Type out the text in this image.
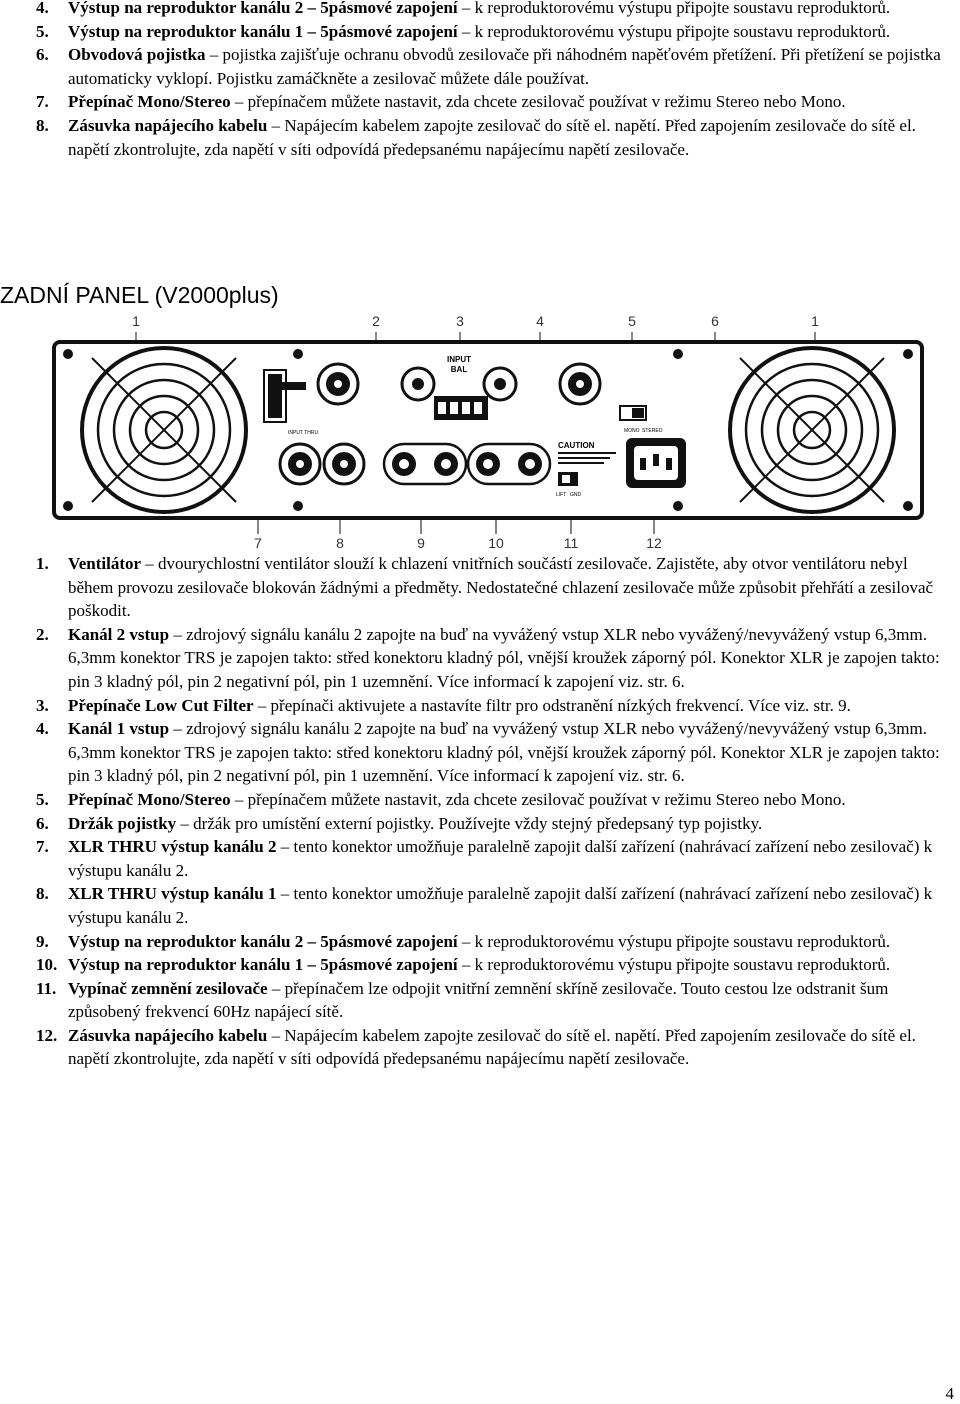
4. Výstup na reproduktor kanálu 2 – 5pásmové zapojení – k reproduktorovému výstupu připojte soustavu reproduktorů.
5. Výstup na reproduktor kanálu 1 – 5pásmové zapojení – k reproduktorovému výstupu připojte soustavu reproduktorů.
6. Obvodová pojistka – pojistka zajišťuje ochranu obvodů zesilovače při náhodném napěťovém přetížení. Při přetížení se pojistka automaticky vyklopí. Pojistku zamáčkněte a zesilovač můžete dále používat.
7. Přepínač Mono/Stereo – přepínačem můžete nastavit, zda chcete zesilovač používat v režimu Stereo nebo Mono.
8. Zásuvka napájecího kabelu – Napájecím kabelem zapojte zesilovač do sítě el. napětí. Před zapojením zesilovače do sítě el. napětí zkontrolujte, zda napětí v síti odpovídá předepsanému napájecímu napětí zesilovače.
ZADNÍ PANEL (V2000plus)
1	2	3	4	5	6	1
7	8	9	10	11	12
INPUT
BAL
MONO STEREO
INPUT THRU
CAUTION
LIFT GND
1. Ventilátor – dvourychlostní ventilátor slouží k chlazení vnitřních součástí zesilovače. Zajistěte, aby otvor ventilátoru nebyl během provozu zesilovače blokován žádnými a předměty. Nedostatečné chlazení zesilovače může způsobit přehřátí a zesilovač poškodit.
2. Kanál 2 vstup – zdrojový signálu kanálu 2 zapojte na buď na vyvážený vstup XLR nebo vyvážený/nevyvážený vstup 6,3mm. 6,3mm konektor TRS je zapojen takto: střed konektoru kladný pól, vnější kroužek záporný pól. Konektor XLR je zapojen takto: pin 3 kladný pól, pin 2 negativní pól, pin 1 uzemnění. Více informací k zapojení viz. str. 6.
3. Přepínače Low Cut Filter – přepínači aktivujete a nastavíte filtr pro odstranění nízkých frekvencí. Více viz. str. 9.
4. Kanál 1 vstup – zdrojový signálu kanálu 2 zapojte na buď na vyvážený vstup XLR nebo vyvážený/nevyvážený vstup 6,3mm. 6,3mm konektor TRS je zapojen takto: střed konektoru kladný pól, vnější kroužek záporný pól. Konektor XLR je zapojen takto: pin 3 kladný pól, pin 2 negativní pól, pin 1 uzemnění. Více informací k zapojení viz. str. 6.
5. Přepínač Mono/Stereo – přepínačem můžete nastavit, zda chcete zesilovač používat v režimu Stereo nebo Mono.
6. Držák pojistky – držák pro umístění externí pojistky. Používejte vždy stejný předepsaný typ pojistky.
7. XLR THRU výstup kanálu 2 – tento konektor umožňuje paralelně zapojit další zařízení (nahrávací zařízení nebo zesilovač) k výstupu kanálu 2.
8. XLR THRU výstup kanálu 1 – tento konektor umožňuje paralelně zapojit další zařízení (nahrávací zařízení nebo zesilovač) k výstupu kanálu 2.
9. Výstup na reproduktor kanálu 2 – 5pásmové zapojení – k reproduktorovému výstupu připojte soustavu reproduktorů.
10. Výstup na reproduktor kanálu 1 – 5pásmové zapojení – k reproduktorovému výstupu připojte soustavu reproduktorů.
11. Vypínač zemnění zesilovače – přepínačem lze odpojit vnitřní zemnění skříně zesilovače. Touto cestou lze odstranit šum způsobený frekvencí 60Hz napájecí sítě.
12. Zásuvka napájecího kabelu – Napájecím kabelem zapojte zesilovač do sítě el. napětí. Před zapojením zesilovače do sítě el. napětí zkontrolujte, zda napětí v síti odpovídá předepsanému napájecímu napětí zesilovače.
4
